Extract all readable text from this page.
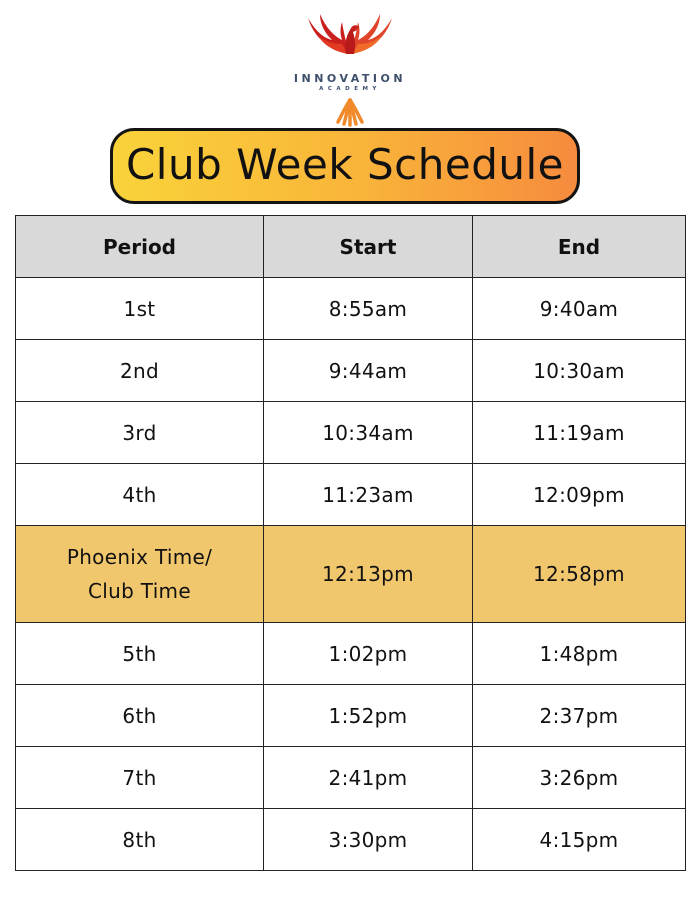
INNOVATION
ACADEMY
Club Week Schedule
Period	Start	End
1st	8:55am	9:40am
2nd	9:44am	10:30am
3rd	10:34am	11:19am
4th	11:23am	12:09pm
Phoenix Time/
Club Time	12:13pm	12:58pm
5th	1:02pm	1:48pm
6th	1:52pm	2:37pm
7th	2:41pm	3:26pm
8th	3:30pm	4:15pm
